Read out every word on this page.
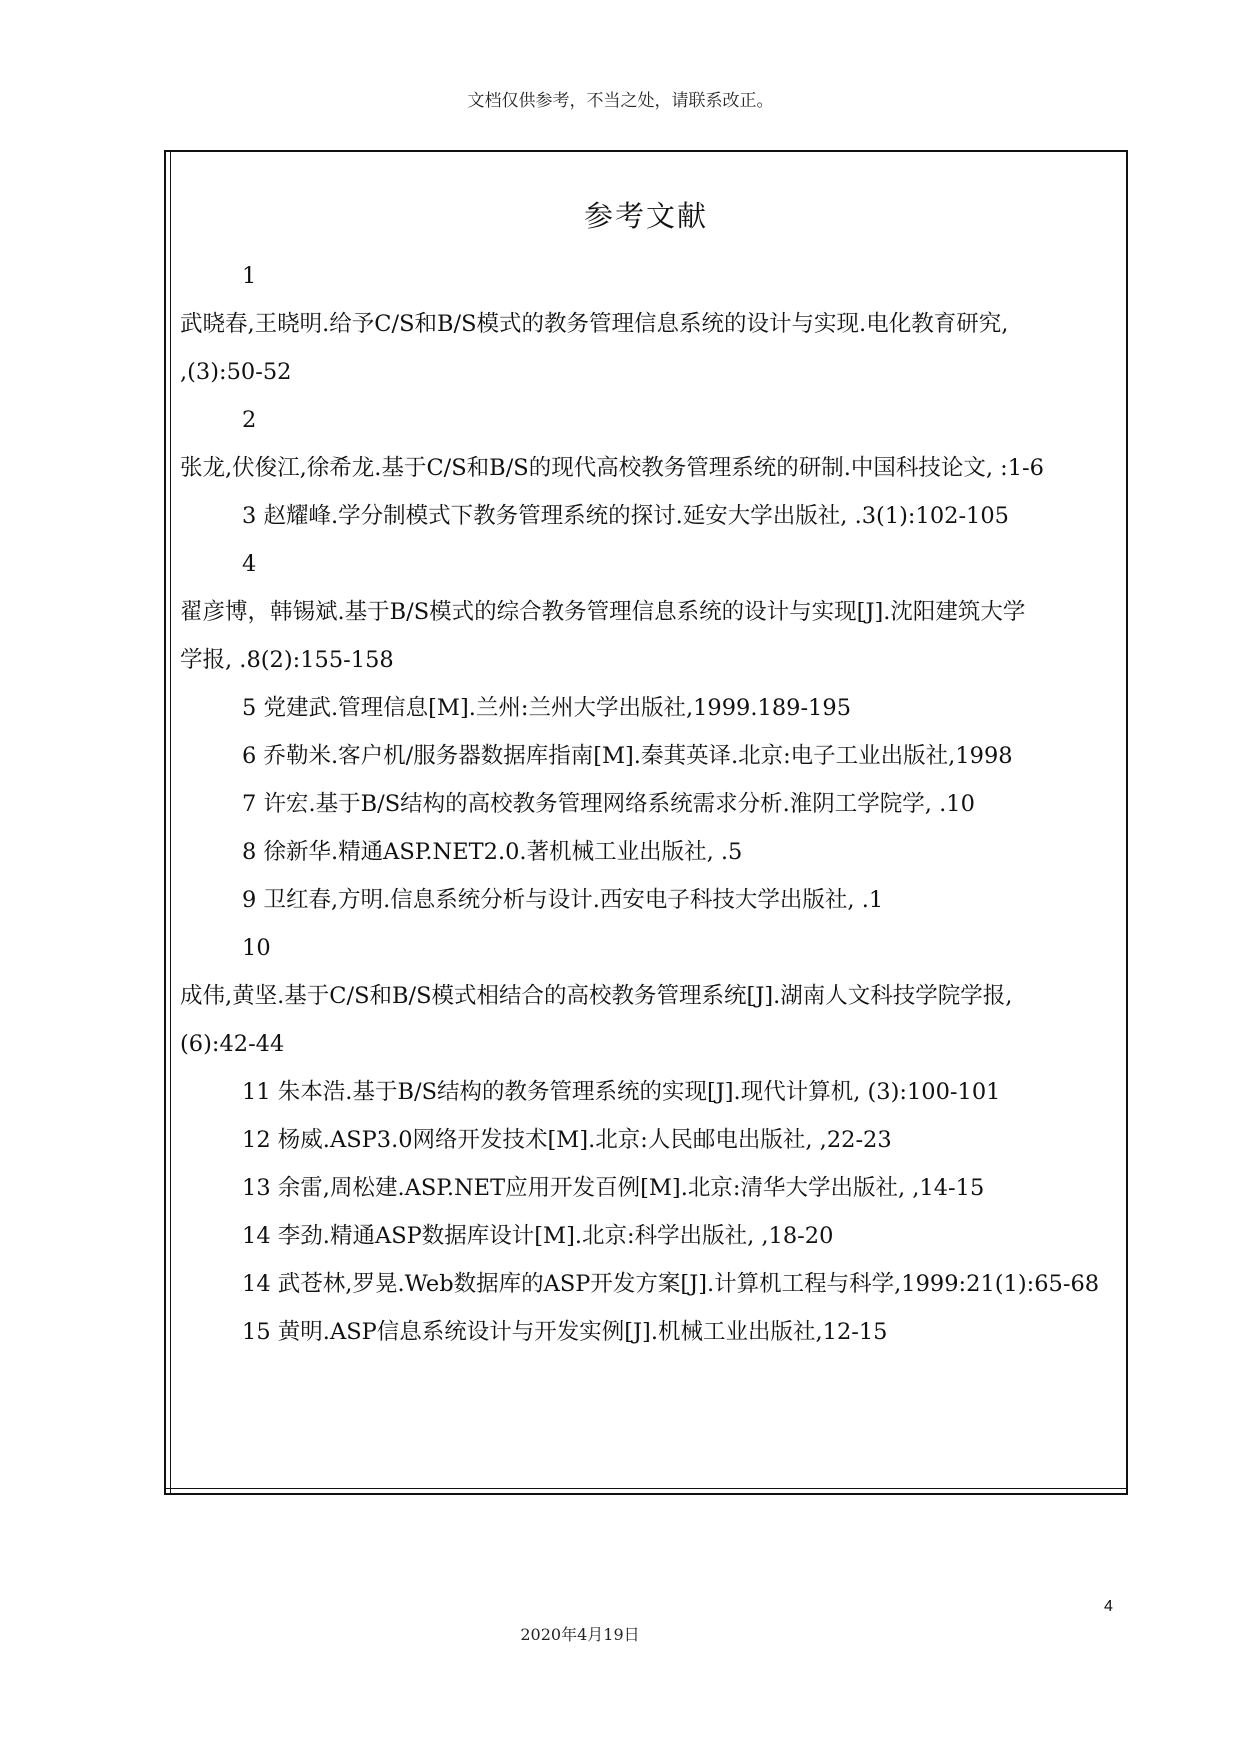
文档仅供参考，不当之处，请联系改正。
参考文献
1
武晓春,王晓明.给予C/S和B/S模式的教务管理信息系统的设计与实现.电化教育研究,
,(3):50-52
2
张龙,伏俊江,徐希龙.基于C/S和B/S的现代高校教务管理系统的研制.中国科技论文, :1-6
3 赵耀峰.学分制模式下教务管理系统的探讨.延安大学出版社, .3(1):102-105
4
翟彦博，韩锡斌.基于B/S模式的综合教务管理信息系统的设计与实现[J].沈阳建筑大学
学报, .8(2):155-158
5 党建武.管理信息[M].兰州:兰州大学出版社,1999.189-195
6 乔勒米.客户机/服务器数据库指南[M].秦萁英译.北京:电子工业出版社,1998
7 许宏.基于B/S结构的高校教务管理网络系统需求分析.淮阴工学院学, .10
8 徐新华.精通ASP.NET2.0.著机械工业出版社, .5
9 卫红春,方明.信息系统分析与设计.西安电子科技大学出版社, .1
10
成伟,黄坚.基于C/S和B/S模式相结合的高校教务管理系统[J].湖南人文科技学院学报,
(6):42-44
11 朱本浩.基于B/S结构的教务管理系统的实现[J].现代计算机, (3):100-101
12 杨威.ASP3.0网络开发技术[M].北京:人民邮电出版社, ,22-23
13 余雷,周松建.ASP.NET应用开发百例[M].北京:清华大学出版社, ,14-15
14 李劲.精通ASP数据库设计[M].北京:科学出版社, ,18-20
14 武苍林,罗晃.Web数据库的ASP开发方案[J].计算机工程与科学,1999:21(1):65-68
15 黄明.ASP信息系统设计与开发实例[J].机械工业出版社,12-15
4
2020年4月19日
